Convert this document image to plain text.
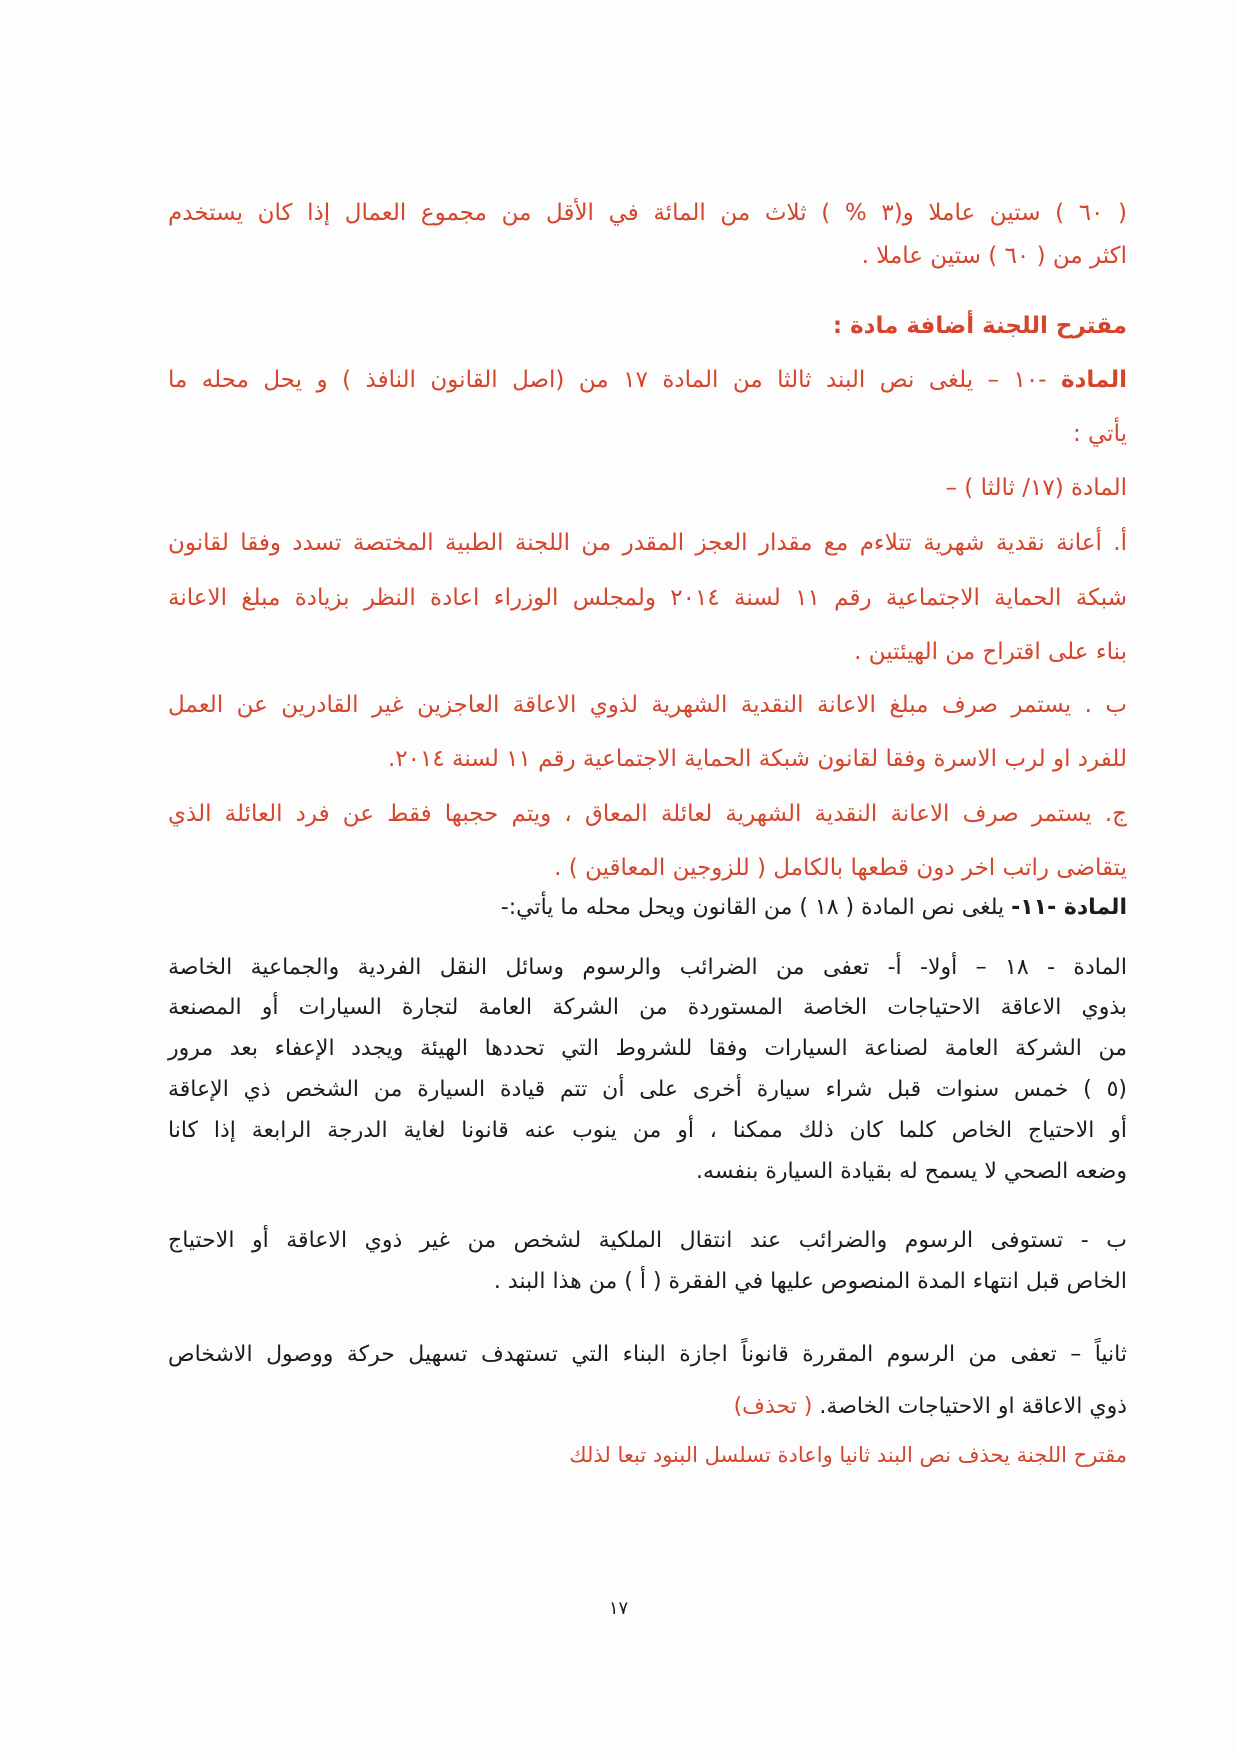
( ٦٠ ) ستين عاملا و(٣ % ) ثلاث من المائة في الأقل من مجموع العمال إذا كان يستخدم

اكثر من ( ٦٠ ) ستين عاملا .

مقترح اللجنة أضافة مادة :

المادة -١٠ – يلغى نص البند ثالثا من المادة ١٧ من (اصل القانون النافذ ) و يحل محله ما

يأتي :

المادة (١٧/ ثالثا ) –

أ. أعانة نقدية شهرية تتلاءم مع مقدار العجز المقدر من اللجنة الطبية المختصة تسدد وفقا لقانون

شبكة الحماية الاجتماعية رقم ١١ لسنة ٢٠١٤ ولمجلس الوزراء اعادة النظر بزيادة مبلغ الاعانة

بناء على اقتراح من الهيئتين .

ب . يستمر صرف مبلغ الاعانة النقدية الشهرية لذوي الاعاقة العاجزين غير القادرين عن العمل

للفرد او لرب الاسرة وفقا لقانون شبكة الحماية الاجتماعية رقم ١١ لسنة ٢٠١٤.

ج. يستمر صرف الاعانة النقدية الشهرية لعائلة المعاق ، ويتم حجبها فقط عن فرد العائلة الذي

يتقاضى راتب اخر دون قطعها بالكامل ( للزوجين المعاقين ) .

المادة -١١- يلغى نص المادة ( ١٨ ) من القانون ويحل محله ما يأتي:-

المادة - ١٨ – أولا- أ- تعفى من الضرائب والرسوم وسائل النقل الفردية والجماعية الخاصة

بذوي الاعاقة الاحتياجات الخاصة المستوردة من الشركة العامة لتجارة السيارات أو المصنعة

من الشركة العامة لصناعة السيارات وفقا للشروط التي تحددها الهيئة ويجدد الإعفاء بعد مرور

(٥ ) خمس سنوات قبل شراء سيارة أخرى على أن تتم قيادة السيارة من الشخص ذي الإعاقة

أو الاحتياج الخاص كلما كان ذلك ممكنا ، أو من ينوب عنه قانونا لغاية الدرجة الرابعة إذا كانا

وضعه الصحي لا يسمح له بقيادة السيارة بنفسه.

ب - تستوفى الرسوم والضرائب عند انتقال الملكية لشخص من غير ذوي الاعاقة أو الاحتياج

الخاص قبل انتهاء المدة المنصوص عليها في الفقرة ( أ ) من هذا البند .

ثانياً – تعفى من الرسوم المقررة قانوناً اجازة البناء التي تستهدف تسهيل حركة ووصول الاشخاص

ذوي الاعاقة او الاحتياجات الخاصة. ( تحذف)

مقترح اللجنة يحذف نص البند ثانيا واعادة تسلسل البنود تبعا لذلك

١٧
